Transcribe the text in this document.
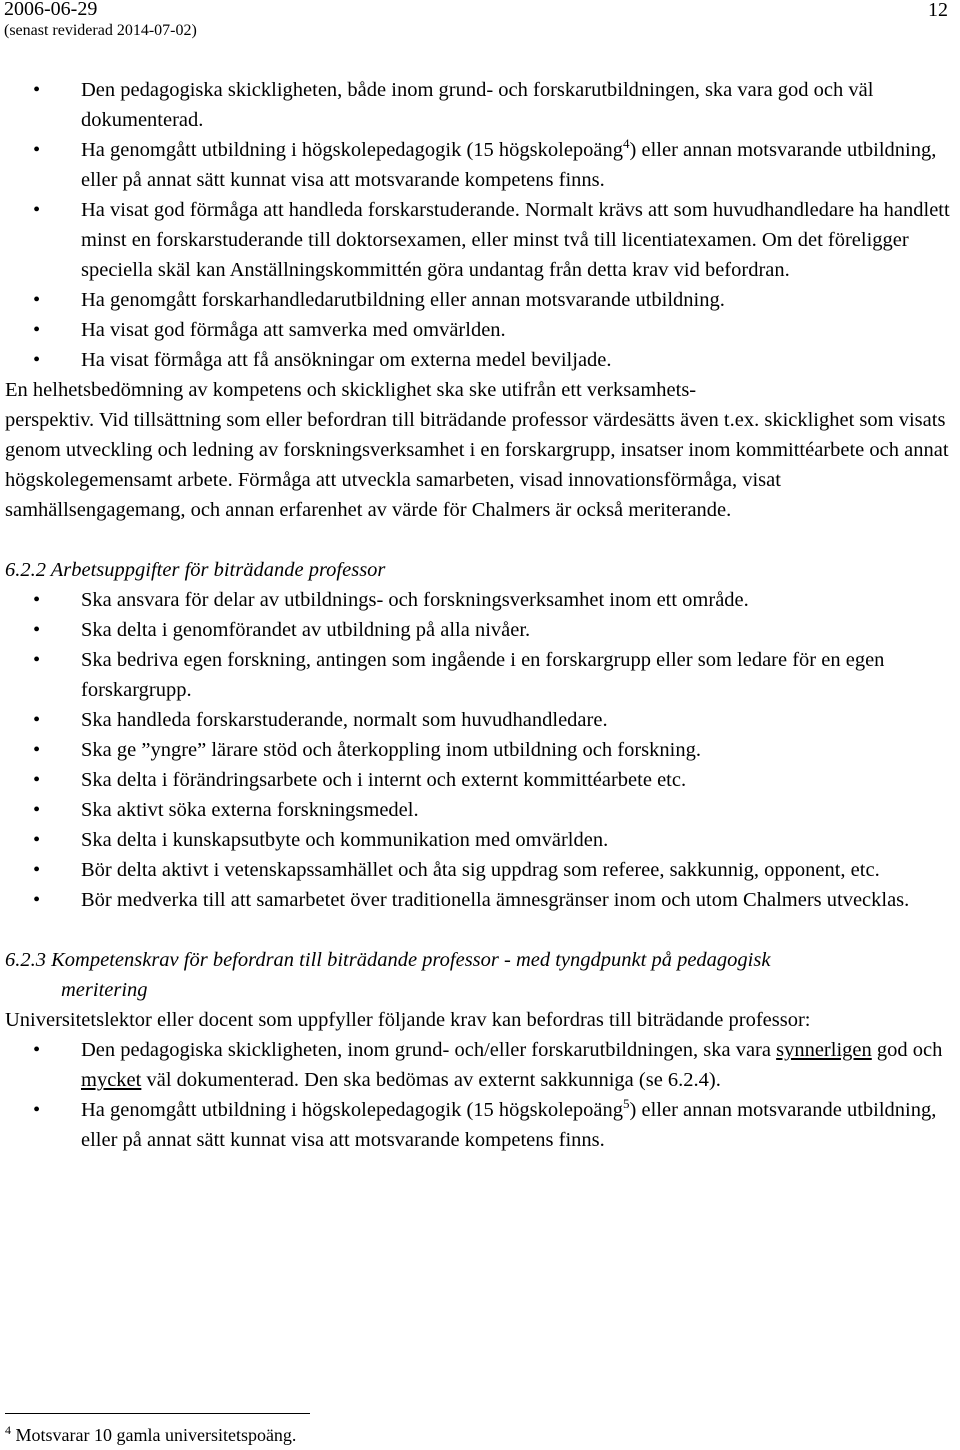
2006-06-29
(senast reviderad 2014-07-02)
12
• Den pedagogiska skickligheten, både inom grund- och forskarutbildningen, ska vara god och väl dokumenterad.
• Ha genomgått utbildning i högskolepedagogik (15 högskolepoäng$^4$) eller annan motsvarande utbildning, eller på annat sätt kunnat visa att motsvarande kompetens finns.
• Ha visat god förmåga att handleda forskarstuderande. Normalt krävs att som huvudhandledare ha handlett minst en forskarstuderande till doktorsexamen, eller minst två till licentiatexamen. Om det föreligger speciella skäl kan Anställningskommittén göra undantag från detta krav vid befordran.
• Ha genomgått forskarhandledarutbildning eller annan motsvarande utbildning.
• Ha visat god förmåga att samverka med omvärlden.
• Ha visat förmåga att få ansökningar om externa medel beviljade.

En helhetsbedömning av kompetens och skicklighet ska ske utifrån ett verksamhets-
perspektiv. Vid tillsättning som eller befordran till biträdande professor värdesätts även t.ex. skicklighet som visats genom utveckling och ledning av forskningsverksamhet i en forskargrupp, insatser inom kommittéarbete och annat högskolegemensamt arbete. Förmåga att utveckla samarbeten, visad innovationsförmåga, visat samhällsengagemang, och annan erfarenhet av värde för Chalmers är också meriterande.

6.2.2 Arbetsuppgifter för biträdande professor

• Ska ansvara för delar av utbildnings- och forskningsverksamhet inom ett område.
• Ska delta i genomförandet av utbildning på alla nivåer.
• Ska bedriva egen forskning, antingen som ingående i en forskargrupp eller som ledare för en egen forskargrupp.
• Ska handleda forskarstuderande, normalt som huvudhandledare.
• Ska ge ”yngre” lärare stöd och återkoppling inom utbildning och forskning.
• Ska delta i förändringsarbete och i internt och externt kommittéarbete etc.
• Ska aktivt söka externa forskningsmedel.
• Ska delta i kunskapsutbyte och kommunikation med omvärlden.
• Bör delta aktivt i vetenskapssamhället och åta sig uppdrag som referee, sakkunnig, opponent, etc.
• Bör medverka till att samarbetet över traditionella ämnesgränser inom och utom Chalmers utvecklas.

6.2.3 Kompetenskrav för befordran till biträdande professor - med tyngdpunkt på pedagogisk
meritering

Universitetslektor eller docent som uppfyller följande krav kan befordras till biträdande professor:

• Den pedagogiska skickligheten, inom grund- och/eller forskarutbildningen, ska vara synnerligen god och mycket väl dokumenterad. Den ska bedömas av externt sakkunniga (se 6.2.4).
• Ha genomgått utbildning i högskolepedagogik (15 högskolepoäng$^5$) eller annan motsvarande utbildning, eller på annat sätt kunnat visa att motsvarande kompetens finns.
$^4$ Motsvarar 10 gamla universitetspoäng.
